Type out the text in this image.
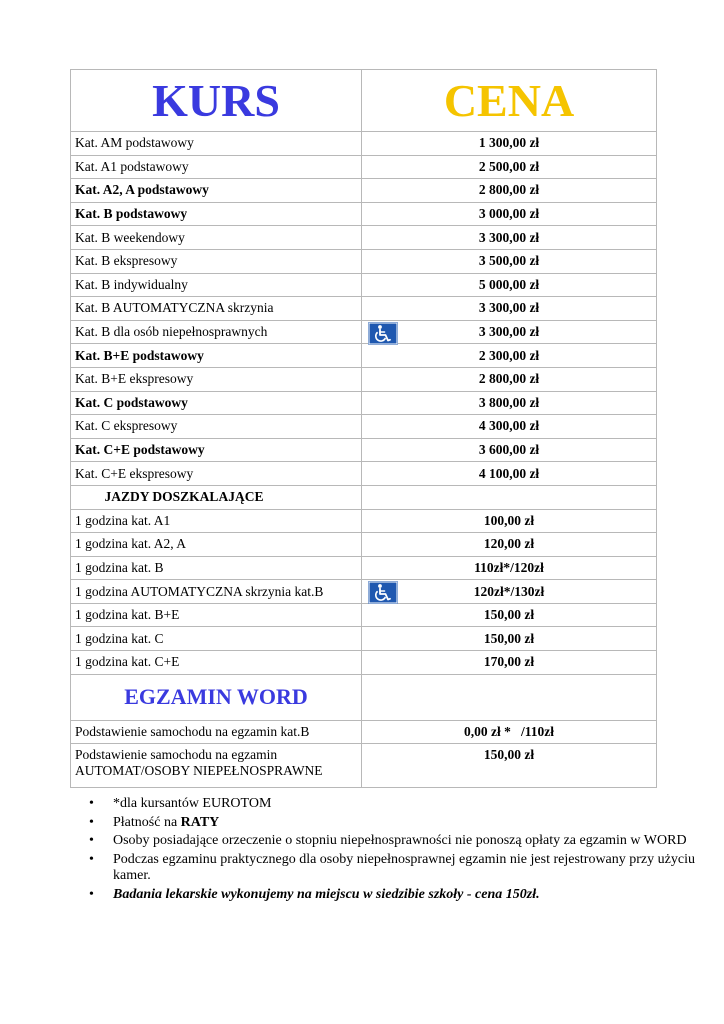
KURS	CENA
Kat. AM podstawowy	1 300,00 zł
Kat. A1 podstawowy	2 500,00 zł
Kat. A2, A podstawowy	2 800,00 zł
Kat. B podstawowy	3 000,00 zł
Kat. B weekendowy	3 300,00 zł
Kat. B ekspresowy	3 500,00 zł
Kat. B indywidualny	5 000,00 zł
Kat. B AUTOMATYCZNA skrzynia	3 300,00 zł
Kat. B dla osób niepełnosprawnych	3 300,00 zł
Kat. B+E podstawowy	2 300,00 zł
Kat. B+E ekspresowy	2 800,00 zł
Kat. C podstawowy	3 800,00 zł
Kat. C ekspresowy	4 300,00 zł
Kat. C+E podstawowy	3 600,00 zł
Kat. C+E ekspresowy	4 100,00 zł
JAZDY DOSZKALAJĄCE	
1 godzina kat. A1	100,00 zł
1 godzina kat. A2, A	120,00 zł
1 godzina kat. B	110zł*/120zł
1 godzina AUTOMATYCZNA skrzynia kat.B	120zł*/130zł
1 godzina kat. B+E	150,00 zł
1 godzina kat. C	150,00 zł
1 godzina kat. C+E	170,00 zł
EGZAMIN WORD	
Podstawienie samochodu na egzamin kat.B	0,00 zł *   /110zł

Podstawienie samochodu na egzamin
AUTOMAT/OSOBY NIEPEŁNOSPRAWNE	150,00 zł
• *dla kursantów EUROTOM
• Płatność na RATY
• Osoby posiadające orzeczenie o stopniu niepełnosprawności nie ponoszą opłaty za egzamin w WORD
• Podczas egzaminu praktycznego dla osoby niepełnosprawnej egzamin nie jest rejestrowany przy użyciu kamer.
• Badania lekarskie wykonujemy na miejscu w siedzibie szkoły - cena 150zł.
